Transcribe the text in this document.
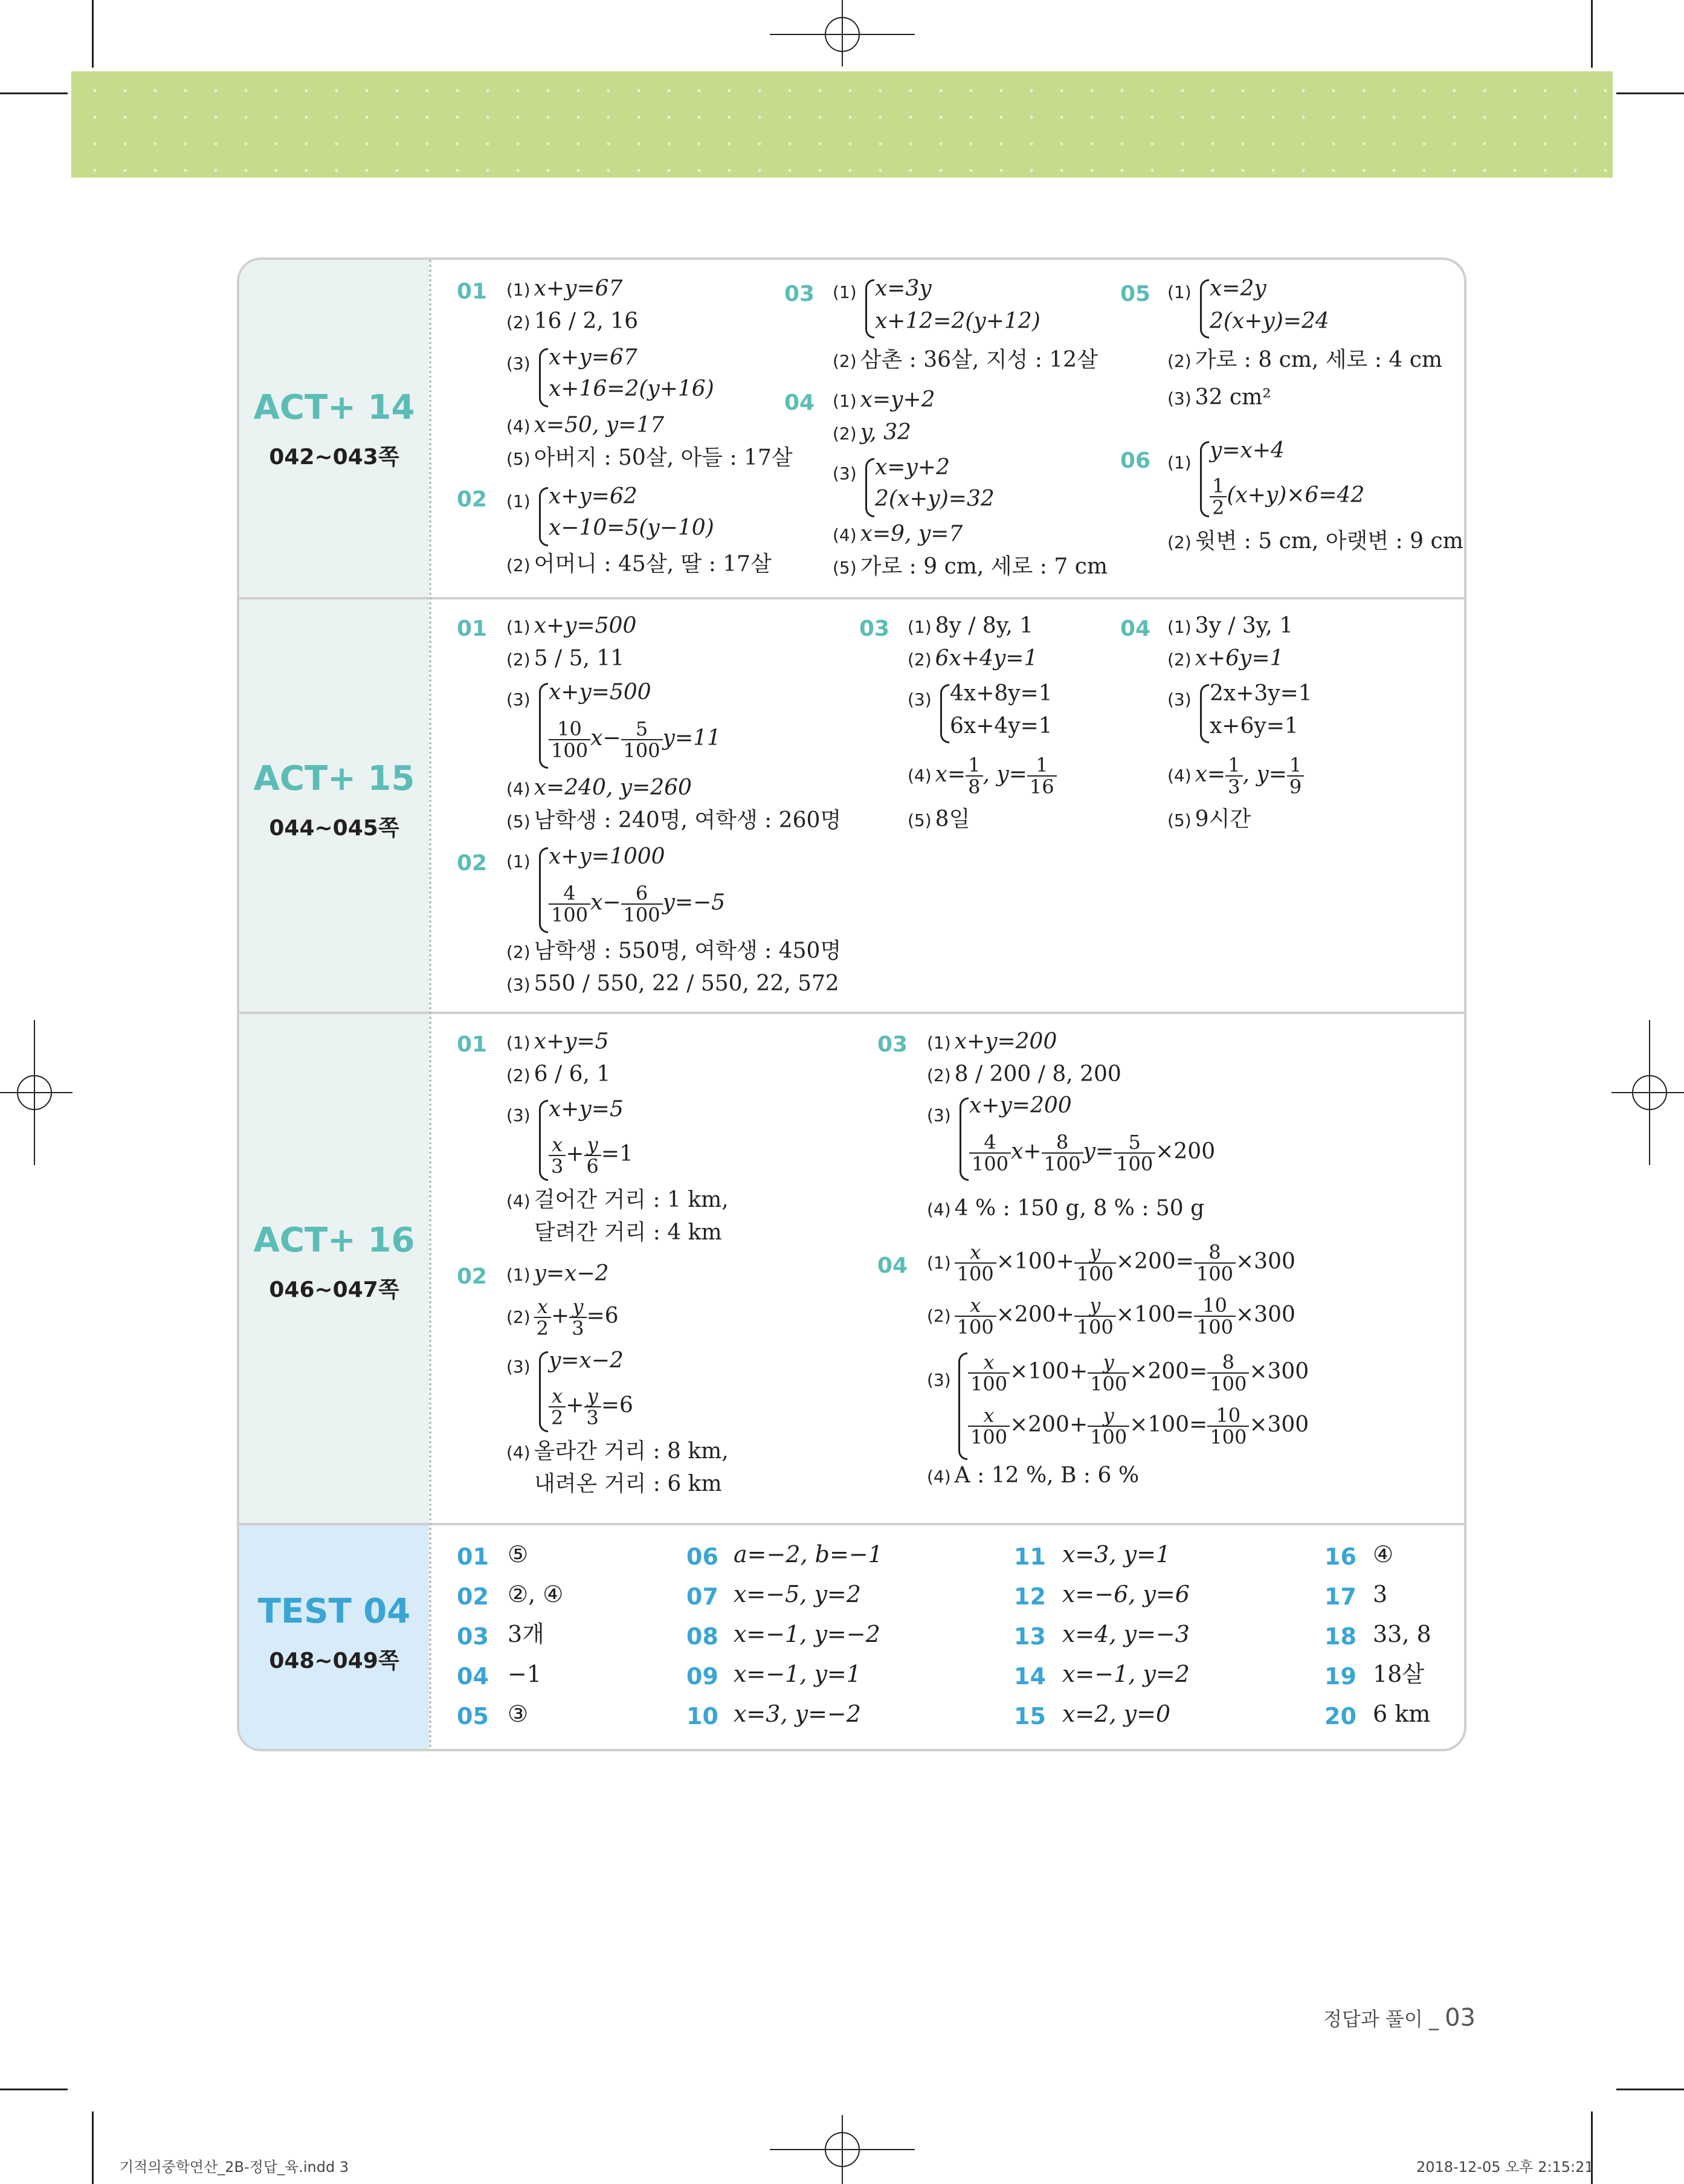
ACT+ 14
042~043쪽
ACT+ 15
044~045쪽
ACT+ 16
046~047쪽
TEST 04
048~049쪽
01 (1) x+y=67
(2) 16 / 2, 16
(3) x+y=67
x+16=2(y+16)
(4) x=50, y=17
(5) 아버지 : 50살, 아들 : 17살
02 (1) x+y=62
x−10=5(y−10)
(2) 어머니 : 45살, 딸 : 17살
03 (1) x=3y
x+12=2(y+12)
(2) 삼촌 : 36살, 지성 : 12살
04 (1) x=y+2
(2) y, 32
(3) x=y+2
2(x+y)=32
(4) x=9, y=7
(5) 가로 : 9 cm, 세로 : 7 cm
05 (1) x=2y
2(x+y)=24
(2) 가로 : 8 cm, 세로 : 4 cm
(3) 32 cm²
06 (1) y=x+4
$\frac{1}{2} (x+y)\times 6=42$
(2) 윗변 : 5 cm, 아랫변 : 9 cm
01 (1) x+y=500
(2) 5 / 5, 11
(3) x+y=500
$\frac{10}{100} x- \frac{5}{100} y=11$
(4) x=240, y=260
(5) 남학생 : 240명, 여학생 : 260명
02 (1) x+y=1000
$\frac{4}{100} x- \frac{6}{100} y=-5$
(2) 남학생 : 550명, 여학생 : 450명
(3) 550 / 550, 22 / 550, 22, 572
03 (1) 8y / 8y, 1
(2) 6x+4y=1
(3) 4x+8y=1
6x+4y=1
(4) $x= \frac{1}{8}$ , $y= \frac{1}{16}$
(5) 8일
04 (1) 3y / 3y, 1
(2) x+6y=1
(3) 2x+3y=1
x+6y=1
(4) $x= \frac{1}{3}$ , $y= \frac{1}{9}$
(5) 9시간
01 (1) x+y=5
(2) 6 / 6, 1
(3) x+y=5
$\frac{x}{3} + \frac{y}{6} =1$
(4) 걸어간 거리 : 1 km,
달려간 거리 : 4 km
02 (1) y=x−2
$(2) \frac{x}{2} + \frac{y}{3} =6$
(3) y=x−2
$\frac{x}{2} + \frac{y}{3} =6$
(4) 올라간 거리 : 8 km,
내려온 거리 : 6 km
03 (1) x+y=200
(2) 8 / 200 / 8, 200
(3) x+y=200
$\frac{4}{100} x+ \frac{8}{100} y= \frac{5}{100} \times 200$
(4) 4 % : 150 g, 8 % : 50 g
04 $(1) \frac{x}{100} \times 100+ \frac{y}{100} \times 200= \frac{8}{100} \times 300$
$(2) \frac{x}{100} \times 200+ \frac{y}{100} \times 100= \frac{10}{100} \times 300$
$(3) \frac{x}{100} \times 100+ \frac{y}{100} \times 200= \frac{8}{100} \times 300$
$\frac{x}{100} \times 200+ \frac{y}{100} \times 100= \frac{10}{100} \times 300$
(4) A : 12 %, B : 6 %
01 ⑤
02 ②, ④
03 3개
04 −1
05 ③
06 a=−2, b=−1
07 x=−5, y=2
08 x=−1, y=−2
09 x=−1, y=1
10 x=3, y=−2
11 x=3, y=1
12 x=−6, y=6
13 x=4, y=−3
14 x=−1, y=2
15 x=2, y=0
16 ④
17 3
18 33, 8
19 18살
20 6 km
정답과 풀이 _ 03
기적의중학연산_2B-정답_육.indd 3	2018-12-05 오후 2:15:21
